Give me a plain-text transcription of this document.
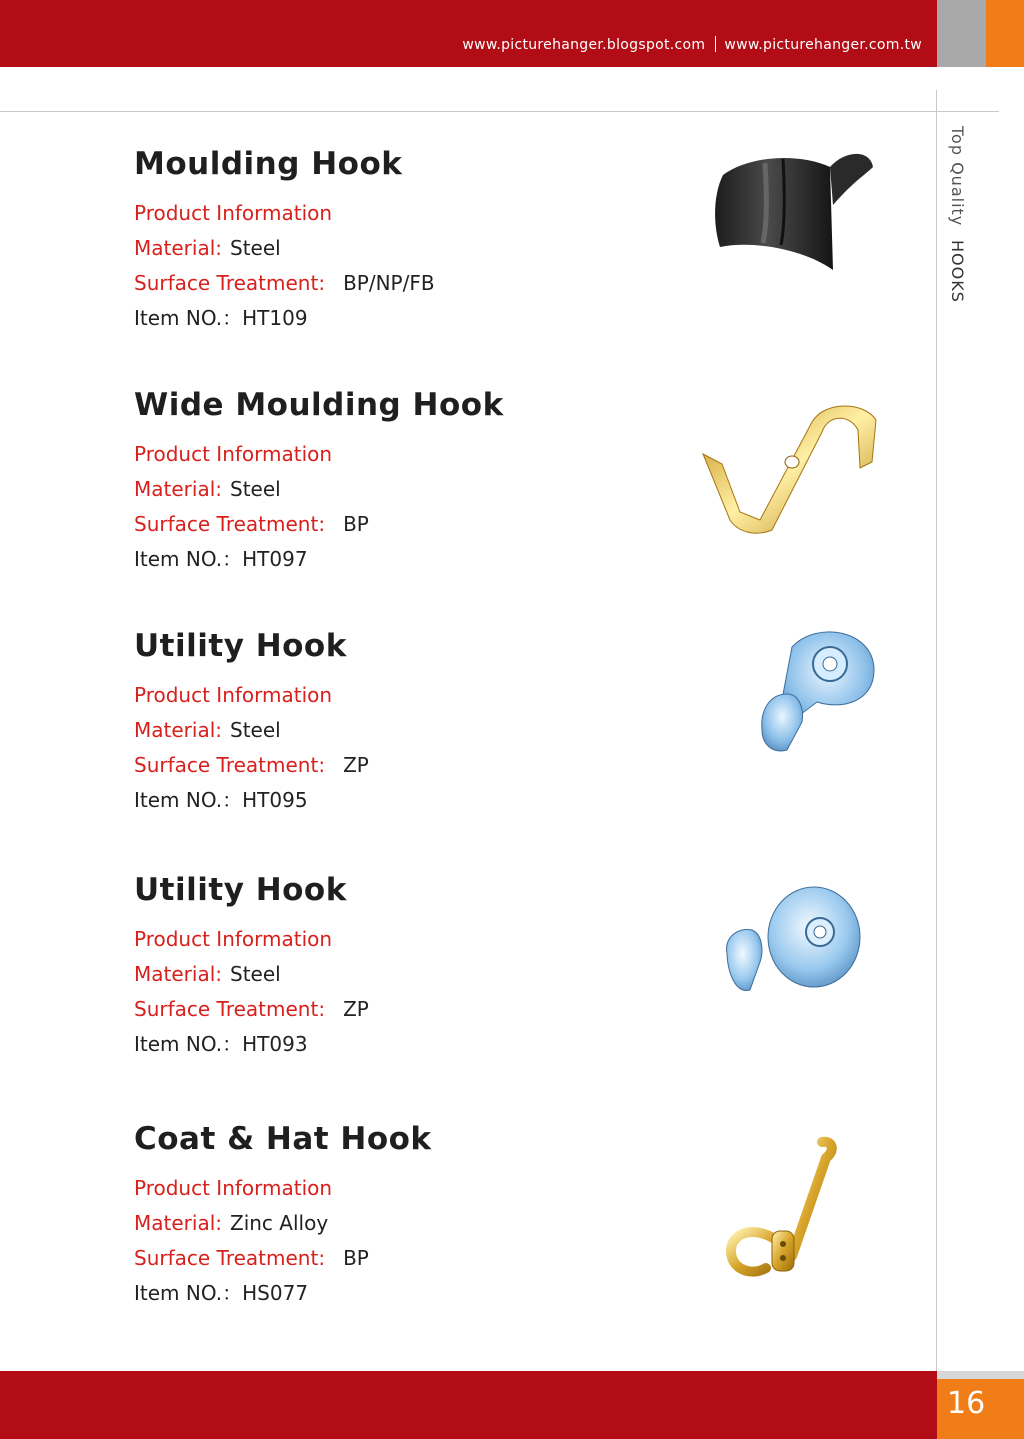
www.picturehanger.blogspot.com www.picturehanger.com.tw
Top Quality HOOKS
Moulding Hook
Product Information
Material: Steel
Surface Treatment: BP/NP/FB
Item NO.：HT109
Wide Moulding Hook
Product Information
Material: Steel
Surface Treatment: BP
Item NO.：HT097
Utility Hook
Product Information
Material: Steel
Surface Treatment: ZP
Item NO.：HT095
Utility Hook
Product Information
Material: Steel
Surface Treatment: ZP
Item NO.：HT093
Coat & Hat Hook
Product Information
Material: Zinc Alloy
Surface Treatment: BP
Item NO.：HS077
16
